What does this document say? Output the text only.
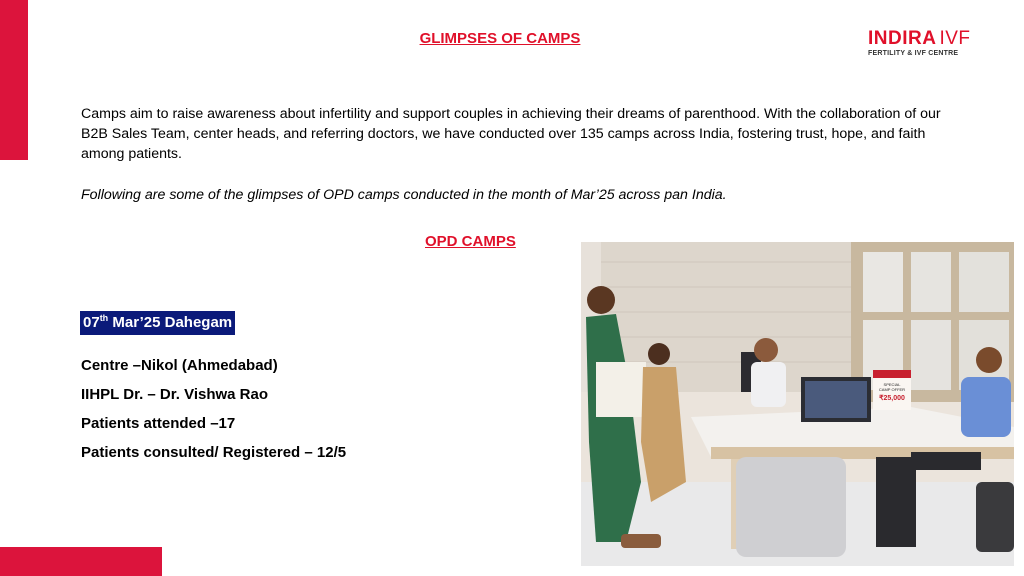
GLIMPSES OF CAMPS	INDIRA IVF
FERTILITY & IVF CENTRE
Camps aim to raise awareness about infertility and support couples in achieving their dreams of parenthood. With the collaboration of our B2B Sales Team, center heads, and referring doctors, we have conducted over 135 camps across India, fostering trust, hope, and faith among patients.
Following are some of the glimpses of OPD camps conducted in the month of Mar’25 across pan India.
OPD CAMPS
07th Mar’25 Dahegam
Centre –Nikol (Ahmedabad)
IIHPL Dr. – Dr. Vishwa Rao
Patients attended –17
Patients consulted/ Registered – 12/5
SPECIAL
CAMP OFFER
₹25,000
